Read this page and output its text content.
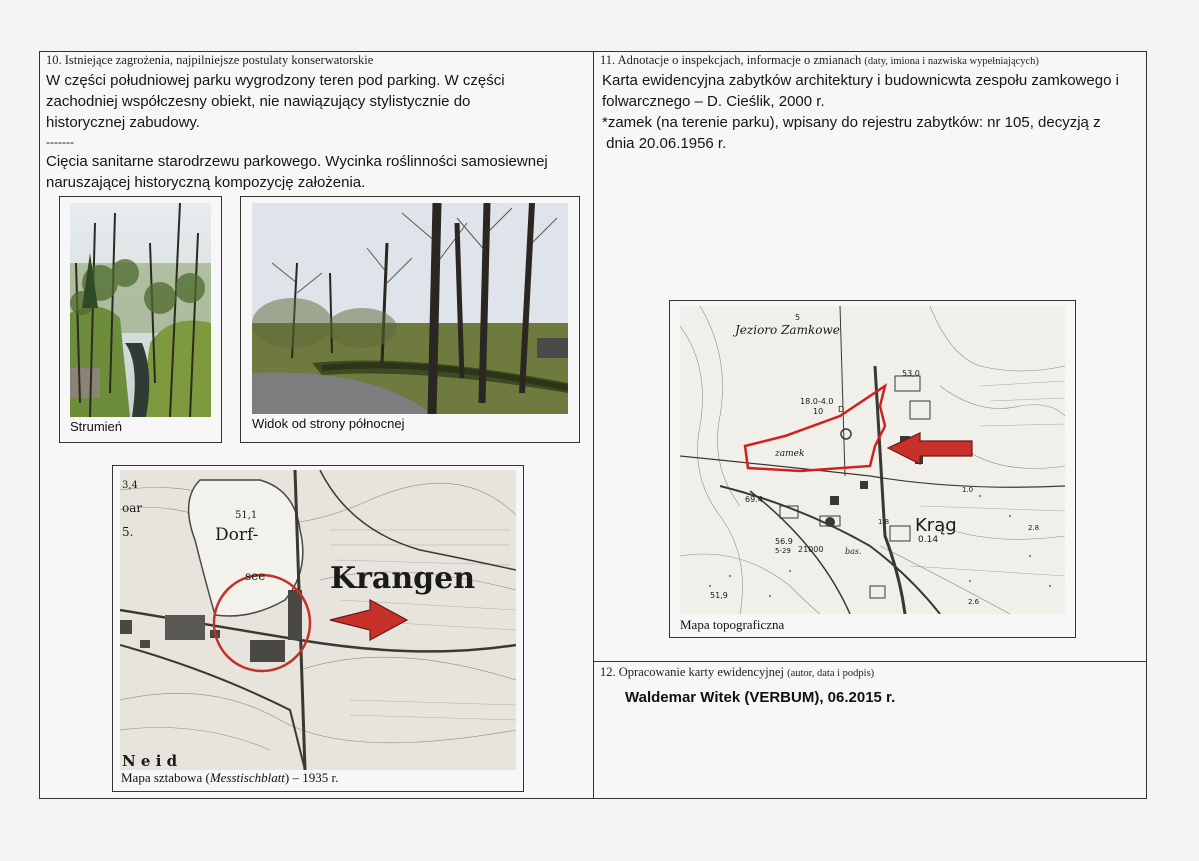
10. Istniejące zagrożenia, najpilniejsze postulaty konserwatorskie
W części południowej parku wygrodzony teren pod parking. W części
zachodniej współczesny obiekt, nie nawiązujący stylistycznie do
historycznej zabudowy.
-------
Cięcia sanitarne starodrzewu parkowego. Wycinka roślinności samosiewnej
naruszającej historyczną kompozycję założenia.
Strumień	Widok od strony północnej
Krangen
Dorf-
see
51,1
3,4
oar
5.
N e i d
Mapa sztabowa (Messtischblatt) – 1935 r.
11. Adnotacje o inspekcjach, informacje o zmianach (daty, imiona i nazwiska wypełniających)
Karta ewidencyjna zabytków architektury i budownicwta zespołu zamkowego i
folwarcznego – D. Cieślik, 2000 r.
*zamek (na terenie parku), wpisany do rejestru zabytków: nr 105, decyzją z
dnia 20.06.1956 r.
Jezioro Zamkowe
5
18.0-4.0
10 D
53,0
zamek
69.4
56.9
5-29 21000
51,9
Krąg
0.14
1.0
1.8
2.8
2.6
bas.
Mapa topograficzna
12. Opracowanie karty ewidencyjnej (autor, data i podpis)
Waldemar Witek (VERBUM), 06.2015 r.
